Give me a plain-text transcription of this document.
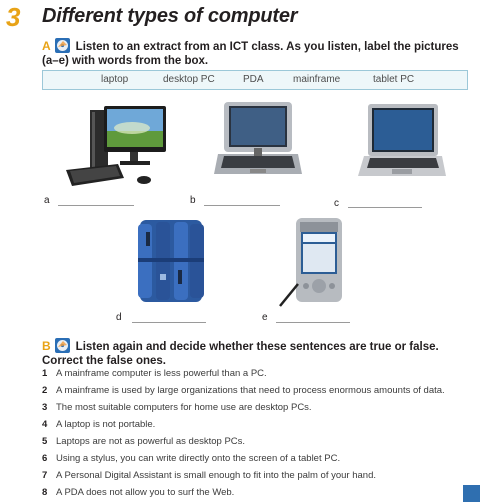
3 Different types of computer
A Listen to an extract from an ICT class. As you listen, label the pictures (a–e) with words from the box.
laptop	desktop PC	PDA	mainframe	tablet PC
a	b	c
d	e
B Listen again and decide whether these sentences are true or false. Correct the false ones.
1 A mainframe computer is less powerful than a PC.
2 A mainframe is used by large organizations that need to process enormous amounts of data.
3 The most suitable computers for home use are desktop PCs.
4 A laptop is not portable.
5 Laptops are not as powerful as desktop PCs.
6 Using a stylus, you can write directly onto the screen of a tablet PC.
7 A Personal Digital Assistant is small enough to fit into the palm of your hand.
8 A PDA does not allow you to surf the Web.
